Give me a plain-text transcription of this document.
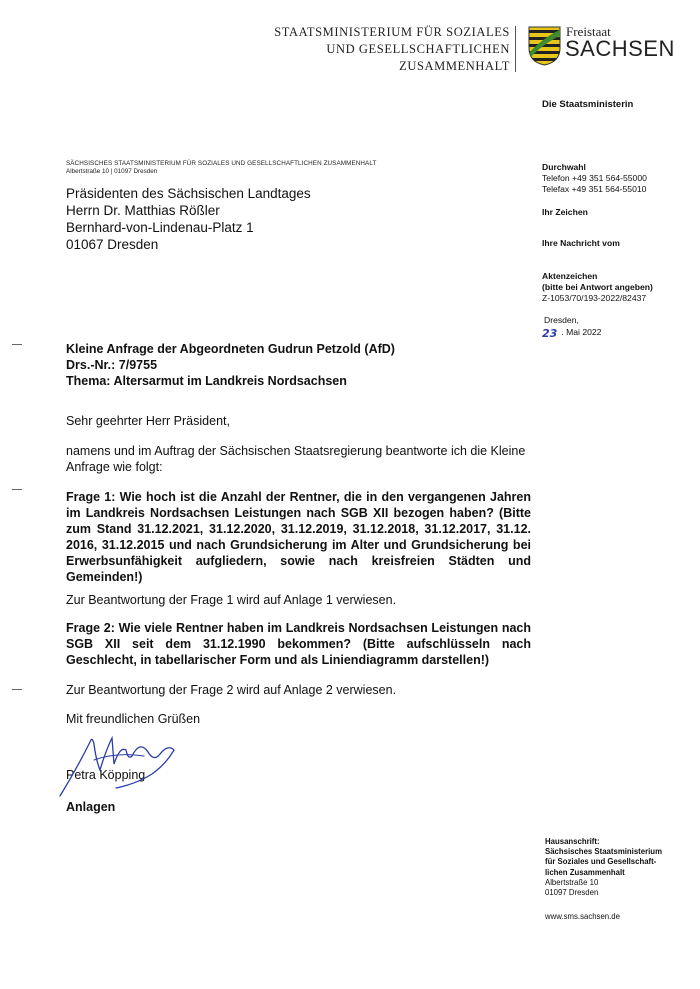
STAATSMINISTERIUM FÜR SOZIALES
UND GESELLSCHAFTLICHEN
ZUSAMMENHALT
Freistaat
SACHSEN
Die Staatsministerin
SÄCHSISCHES STAATSMINISTERIUM FÜR SOZIALES UND GESELLSCHAFTLICHEN ZUSAMMENHALT
Albertstraße 10 | 01097 Dresden
Präsidenten des Sächsischen Landtages
Herrn Dr. Matthias Rößler
Bernhard-von-Lindenau-Platz 1
01067 Dresden
Durchwahl
Telefon +49 351 564-55000
Telefax +49 351 564-55010
Ihr Zeichen
Ihre Nachricht vom
Aktenzeichen
(bitte bei Antwort angeben)
Z-1053/70/193-2022/82437
Dresden,
23 . Mai 2022
Kleine Anfrage der Abgeordneten Gudrun Petzold (AfD)
Drs.-Nr.: 7/9755
Thema: Altersarmut im Landkreis Nordsachsen
Sehr geehrter Herr Präsident,
namens und im Auftrag der Sächsischen Staatsregierung beantworte ich die Kleine Anfrage wie folgt:
Frage 1: Wie hoch ist die Anzahl der Rentner, die in den vergangenen Jahren im Landkreis Nordsachsen Leistungen nach SGB XII bezogen haben? (Bitte zum Stand 31.12.2021, 31.12.2020, 31.12.2019, 31.12.2018, 31.12.2017, 31.12. 2016, 31.12.2015 und nach Grundsicherung im Alter und Grundsicherung bei Erwerbsunfähigkeit aufgliedern, sowie nach kreisfreien Städten und Gemeinden!)
Zur Beantwortung der Frage 1 wird auf Anlage 1 verwiesen.
Frage 2: Wie viele Rentner haben im Landkreis Nordsachsen Leistungen nach SGB XII seit dem 31.12.1990 bekommen? (Bitte aufschlüsseln nach Geschlecht, in tabellarischer Form und als Liniendiagramm darstellen!)
Zur Beantwortung der Frage 2 wird auf Anlage 2 verwiesen.
Mit freundlichen Grüßen
Petra Köpping
Anlagen
Hausanschrift:
Sächsisches Staatsministerium
für Soziales und Gesellschaft-
lichen Zusammenhalt
Albertstraße 10
01097 Dresden
www.sms.sachsen.de
